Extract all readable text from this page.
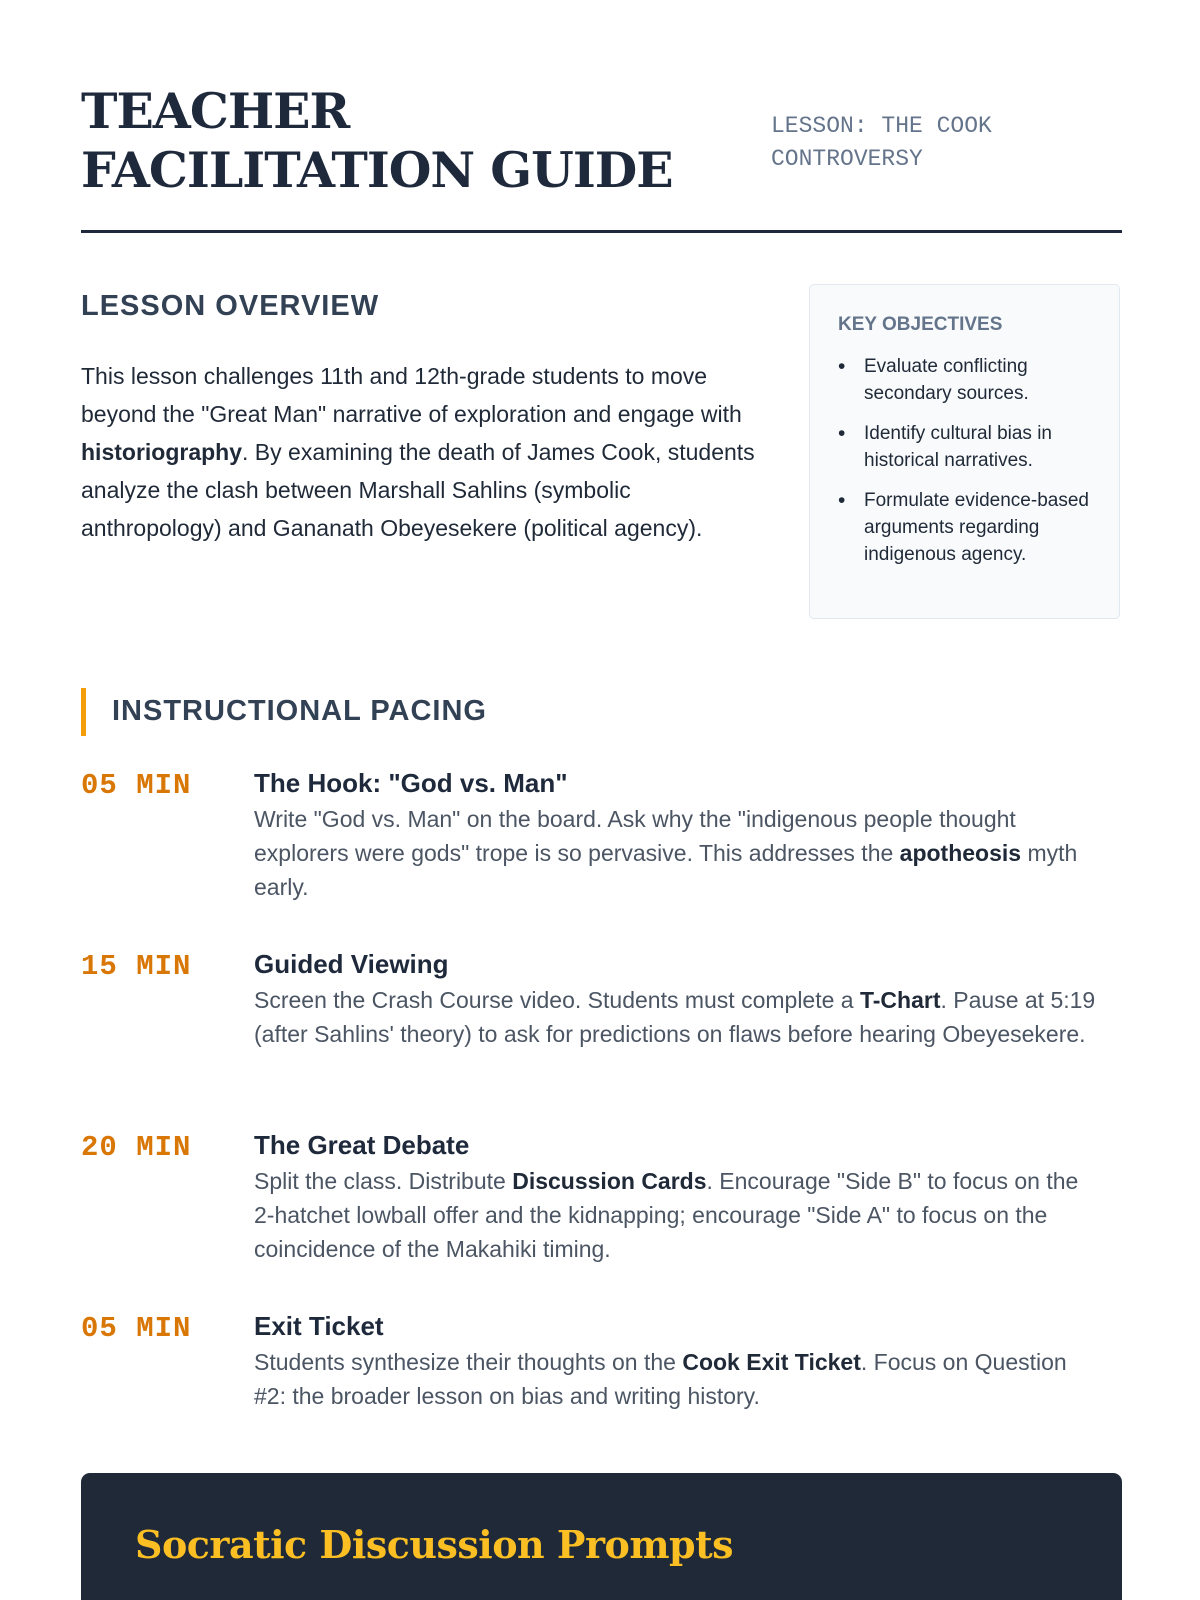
TEACHER FACILITATION GUIDE
LESSON: THE COOK CONTROVERSY
LESSON OVERVIEW

This lesson challenges 11th and 12th-grade students to move beyond the "Great Man" narrative of exploration and engage with historiography. By examining the death of James Cook, students analyze the clash between Marshall Sahlins (symbolic anthropology) and Gananath Obeyesekere (political agency).

KEY OBJECTIVES
• Evaluate conflicting secondary sources.
• Identify cultural bias in historical narratives.
• Formulate evidence-based arguments regarding indigenous agency.
INSTRUCTIONAL PACING
05 MIN	The Hook: "God vs. Man"

Write "God vs. Man" on the board. Ask why the "indigenous people thought explorers were gods" trope is so pervasive. This addresses the apotheosis myth early.

15 MIN	Guided Viewing

Screen the Crash Course video. Students must complete a T-Chart. Pause at 5:19 (after Sahlins' theory) to ask for predictions on flaws before hearing Obeyesekere.

20 MIN	The Great Debate

Split the class. Distribute Discussion Cards. Encourage "Side B" to focus on the 2-hatchet lowball offer and the kidnapping; encourage "Side A" to focus on the coincidence of the Makahiki timing.

05 MIN	Exit Ticket

Students synthesize their thoughts on the Cook Exit Ticket. Focus on Question #2: the broader lesson on bias and writing history.

Socratic Discussion Prompts
